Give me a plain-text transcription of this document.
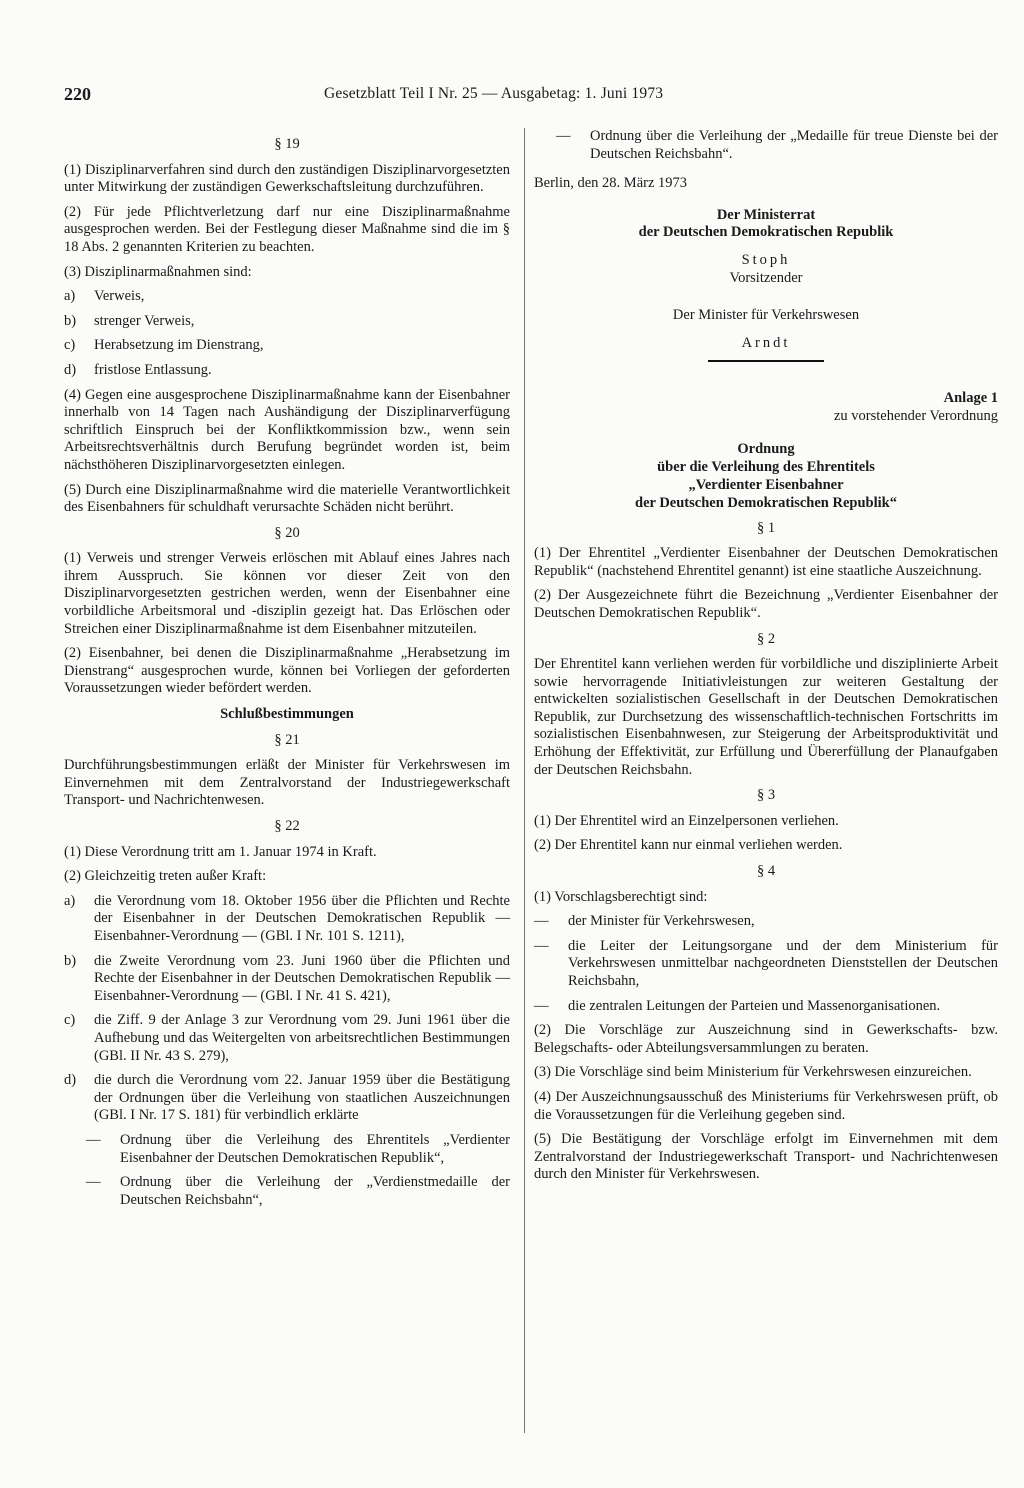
220	Gesetzblatt Teil I Nr. 25 — Ausgabetag: 1. Juni 1973
§ 19

(1) Disziplinarverfahren sind durch den zuständigen Disziplinarvorgesetzten unter Mitwirkung der zuständigen Gewerkschaftsleitung durchzuführen.

(2) Für jede Pflichtverletzung darf nur eine Disziplinarmaßnahme ausgesprochen werden. Bei der Festlegung dieser Maßnahme sind die im § 18 Abs. 2 genannten Kriterien zu beachten.

(3) Disziplinarmaßnahmen sind:

a)	Verweis,
b)	strenger Verweis,
c)	Herabsetzung im Dienstrang,
d)	fristlose Entlassung.

(4) Gegen eine ausgesprochene Disziplinarmaßnahme kann der Eisenbahner innerhalb von 14 Tagen nach Aushändigung der Disziplinarverfügung schriftlich Einspruch bei der Konfliktkommission bzw., wenn sein Arbeitsrechtsverhältnis durch Berufung begründet worden ist, beim nächsthöheren Disziplinarvorgesetzten einlegen.

(5) Durch eine Disziplinarmaßnahme wird die materielle Verantwortlichkeit des Eisenbahners für schuldhaft verursachte Schäden nicht berührt.

§ 20

(1) Verweis und strenger Verweis erlöschen mit Ablauf eines Jahres nach ihrem Ausspruch. Sie können vor dieser Zeit von den Disziplinarvorgesetzten gestrichen werden, wenn der Eisenbahner eine vorbildliche Arbeitsmoral und -disziplin gezeigt hat. Das Erlöschen oder Streichen einer Disziplinarmaßnahme ist dem Eisenbahner mitzuteilen.

(2) Eisenbahner, bei denen die Disziplinarmaßnahme „Herabsetzung im Dienstrang“ ausgesprochen wurde, können bei Vorliegen der geforderten Voraussetzungen wieder befördert werden.

Schlußbestimmungen
§ 21

Durchführungsbestimmungen erläßt der Minister für Verkehrswesen im Einvernehmen mit dem Zentralvorstand der Industriegewerkschaft Transport- und Nachrichtenwesen.

§ 22

(1) Diese Verordnung tritt am 1. Januar 1974 in Kraft.

(2) Gleichzeitig treten außer Kraft:

a)	die Verordnung vom 18. Oktober 1956 über die Pflichten und Rechte der Eisenbahner in der Deutschen Demokratischen Republik — Eisenbahner-Verordnung — (GBl. I Nr. 101 S. 1211),
b)	die Zweite Verordnung vom 23. Juni 1960 über die Pflichten und Rechte der Eisenbahner in der Deutschen Demokratischen Republik — Eisenbahner-Verordnung — (GBl. I Nr. 41 S. 421),
c)	die Ziff. 9 der Anlage 3 zur Verordnung vom 29. Juni 1961 über die Aufhebung und das Weitergelten von arbeitsrechtlichen Bestimmungen (GBl. II Nr. 43 S. 279),
d)	die durch die Verordnung vom 22. Januar 1959 über die Bestätigung der Ordnungen über die Verleihung von staatlichen Auszeichnungen (GBl. I Nr. 17 S. 181) für verbindlich erklärte
—	Ordnung über die Verleihung des Ehrentitels „Verdienter Eisenbahner der Deutschen Demokratischen Republik“,
—	Ordnung über die Verleihung der „Verdienstmedaille der Deutschen Reichsbahn“,
—	Ordnung über die Verleihung der „Medaille für treue Dienste bei der Deutschen Reichsbahn“.

Berlin, den 28. März 1973

Der Ministerrat

der Deutschen Demokratischen Republik

Stoph

Vorsitzender

Der Minister für Verkehrswesen

Arndt

Anlage 1

zu vorstehender Verordnung

Ordnung
über die Verleihung des Ehrentitels
„Verdienter Eisenbahner
der Deutschen Demokratischen Republik“
§ 1

(1) Der Ehrentitel „Verdienter Eisenbahner der Deutschen Demokratischen Republik“ (nachstehend Ehrentitel genannt) ist eine staatliche Auszeichnung.

(2) Der Ausgezeichnete führt die Bezeichnung „Verdienter Eisenbahner der Deutschen Demokratischen Republik“.

§ 2

Der Ehrentitel kann verliehen werden für vorbildliche und disziplinierte Arbeit sowie hervorragende Initiativleistungen zur weiteren Gestaltung der entwickelten sozialistischen Gesellschaft in der Deutschen Demokratischen Republik, zur Durchsetzung des wissenschaftlich-technischen Fortschritts im sozialistischen Eisenbahnwesen, zur Steigerung der Arbeitsproduktivität und Erhöhung der Effektivität, zur Erfüllung und Übererfüllung der Planaufgaben der Deutschen Reichsbahn.

§ 3

(1) Der Ehrentitel wird an Einzelpersonen verliehen.

(2) Der Ehrentitel kann nur einmal verliehen werden.

§ 4

(1) Vorschlagsberechtigt sind:

—	der Minister für Verkehrswesen,
—	die Leiter der Leitungsorgane und der dem Ministerium für Verkehrswesen unmittelbar nachgeordneten Dienststellen der Deutschen Reichsbahn,
—	die zentralen Leitungen der Parteien und Massenorganisationen.

(2) Die Vorschläge zur Auszeichnung sind in Gewerkschafts- bzw. Belegschafts- oder Abteilungsversammlungen zu beraten.

(3) Die Vorschläge sind beim Ministerium für Verkehrswesen einzureichen.

(4) Der Auszeichnungsausschuß des Ministeriums für Verkehrswesen prüft, ob die Voraussetzungen für die Verleihung gegeben sind.

(5) Die Bestätigung der Vorschläge erfolgt im Einvernehmen mit dem Zentralvorstand der Industriegewerkschaft Transport- und Nachrichtenwesen durch den Minister für Verkehrswesen.
